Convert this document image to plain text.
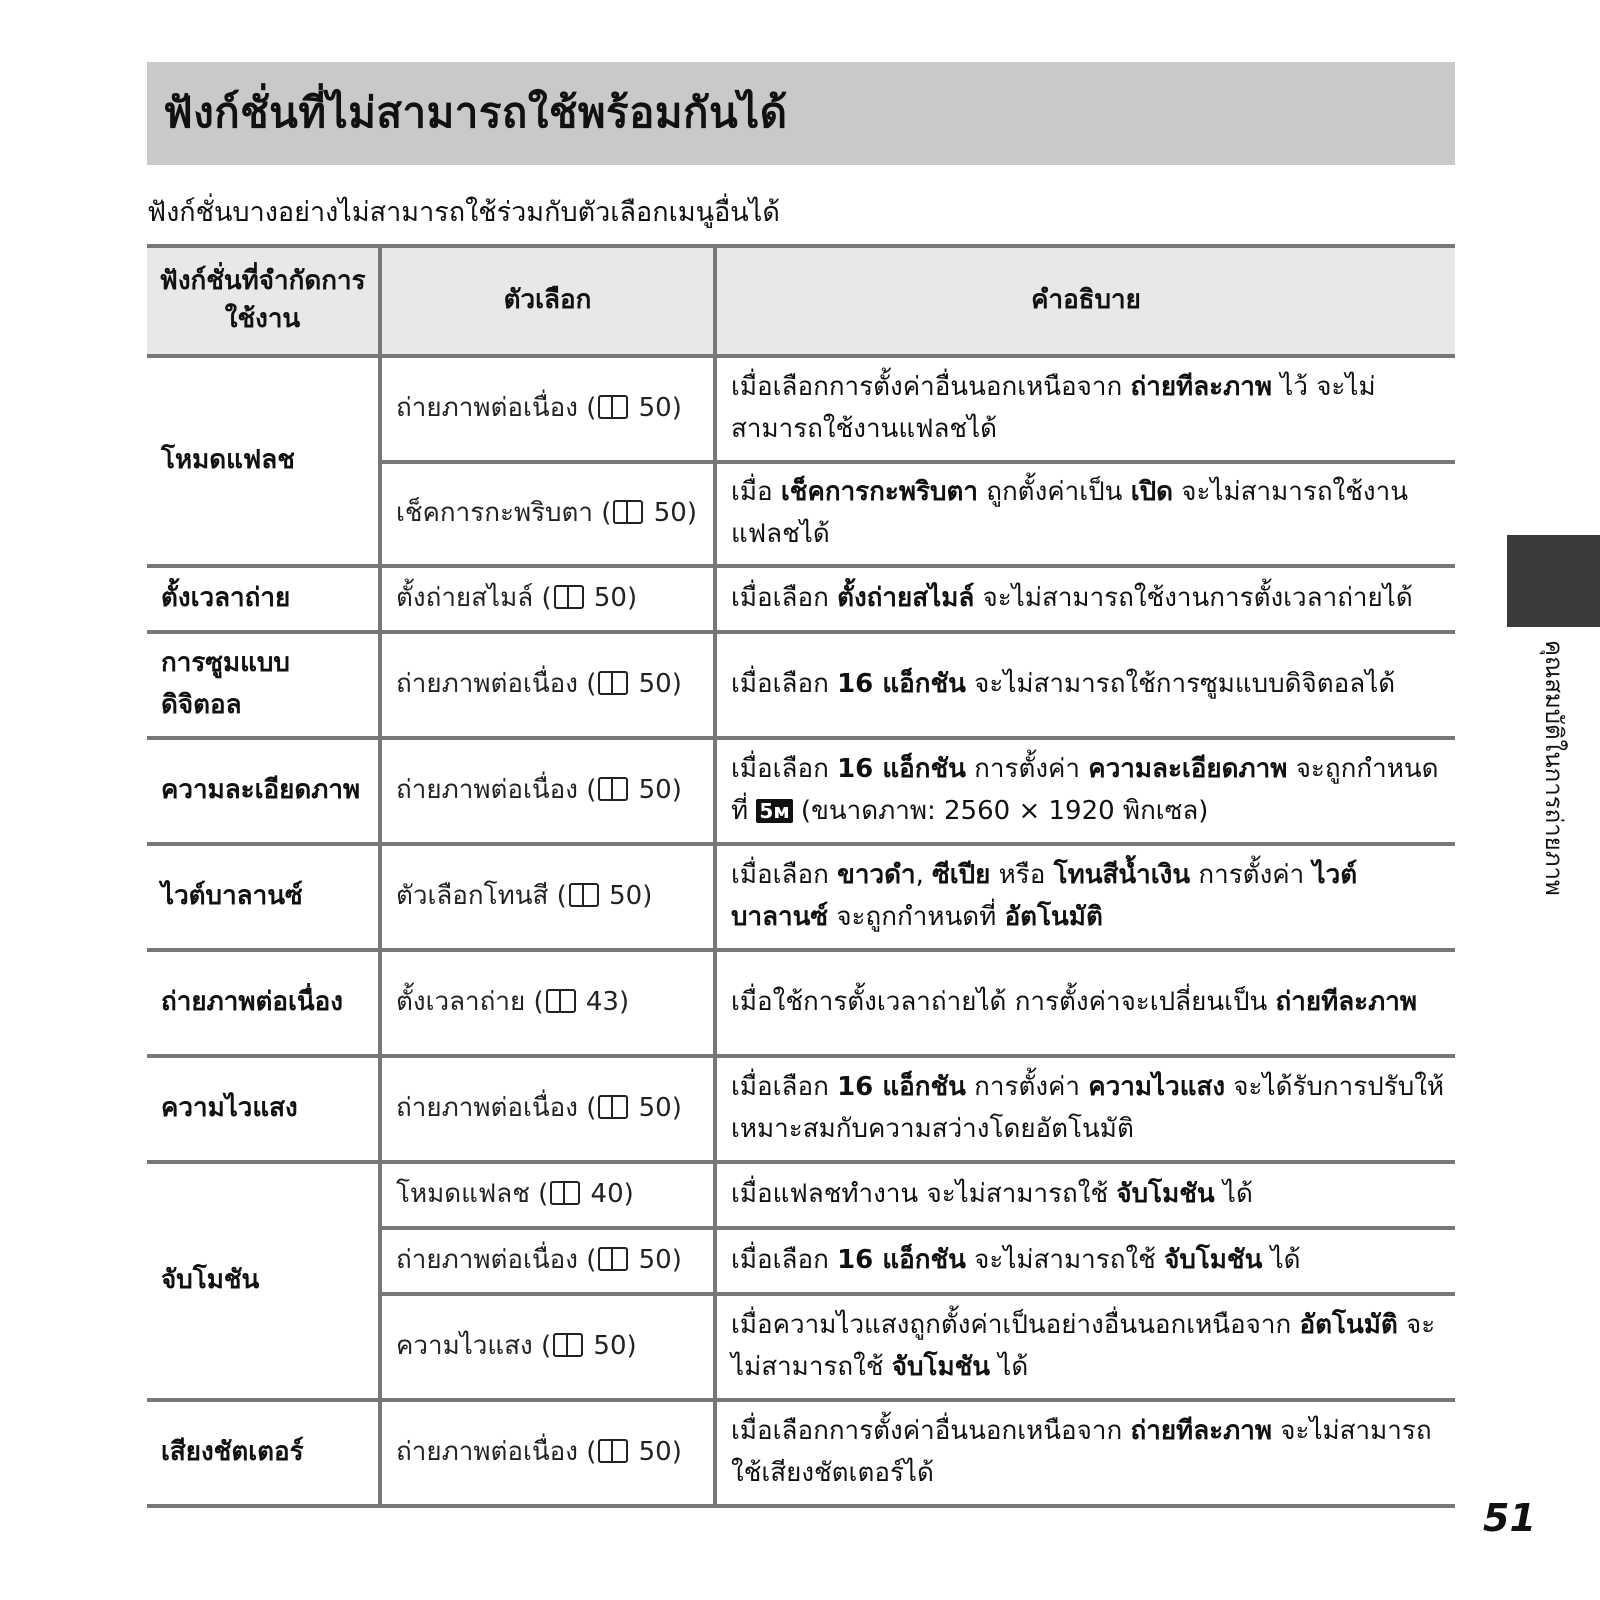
ฟังก์ชั่นที่ไม่สามารถใช้พร้อมกันได้
ฟังก์ชั่นบางอย่างไม่สามารถใช้ร่วมกับตัวเลือกเมนูอื่นได้
ฟังก์ชั่นที่จำกัดการใช้งาน	ตัวเลือก	คำอธิบาย
โหมดแฟลช	ถ่ายภาพต่อเนื่อง ( 50)	เมื่อเลือกการตั้งค่าอื่นนอกเหนือจาก ถ่ายทีละภาพ ไว้ จะไม่สามารถใช้งานแฟลชได้
	เช็คการกะพริบตา ( 50)	เมื่อ เช็คการกะพริบตา ถูกตั้งค่าเป็น เปิด จะไม่สามารถใช้งานแฟลชได้
ตั้งเวลาถ่าย	ตั้งถ่ายสไมล์ ( 50)	เมื่อเลือก ตั้งถ่ายสไมล์ จะไม่สามารถใช้งานการตั้งเวลาถ่ายได้
การซูมแบบดิจิตอล	ถ่ายภาพต่อเนื่อง ( 50)	เมื่อเลือก 16 แอ็กชัน จะไม่สามารถใช้การซูมแบบดิจิตอลได้
ความละเอียดภาพ	ถ่ายภาพต่อเนื่อง ( 50)	เมื่อเลือก 16 แอ็กชัน การตั้งค่า ความละเอียดภาพ จะถูกกำหนดที่ 5м (ขนาดภาพ: 2560 × 1920 พิกเซล)
ไวต์บาลานซ์	ตัวเลือกโทนสี ( 50)	เมื่อเลือก ขาวดำ, ซีเปีย หรือ โทนสีน้ำเงิน การตั้งค่า ไวต์บาลานซ์ จะถูกกำหนดที่ อัตโนมัติ
ถ่ายภาพต่อเนื่อง	ตั้งเวลาถ่าย ( 43)	เมื่อใช้การตั้งเวลาถ่ายได้ การตั้งค่าจะเปลี่ยนเป็น ถ่ายทีละภาพ
ความไวแสง	ถ่ายภาพต่อเนื่อง ( 50)	เมื่อเลือก 16 แอ็กชัน การตั้งค่า ความไวแสง จะได้รับการปรับให้เหมาะสมกับความสว่างโดยอัตโนมัติ
จับโมชัน	โหมดแฟลช ( 40)	เมื่อแฟลชทำงาน จะไม่สามารถใช้ จับโมชัน ได้
	ถ่ายภาพต่อเนื่อง ( 50)	เมื่อเลือก 16 แอ็กชัน จะไม่สามารถใช้ จับโมชัน ได้
	ความไวแสง ( 50)	เมื่อความไวแสงถูกตั้งค่าเป็นอย่างอื่นนอกเหนือจาก อัตโนมัติ จะไม่สามารถใช้ จับโมชัน ได้
เสียงชัตเตอร์	ถ่ายภาพต่อเนื่อง ( 50)	เมื่อเลือกการตั้งค่าอื่นนอกเหนือจาก ถ่ายทีละภาพ จะไม่สามารถใช้เสียงชัตเตอร์ได้
คุณสมบัติในการถ่ายภาพ
51
